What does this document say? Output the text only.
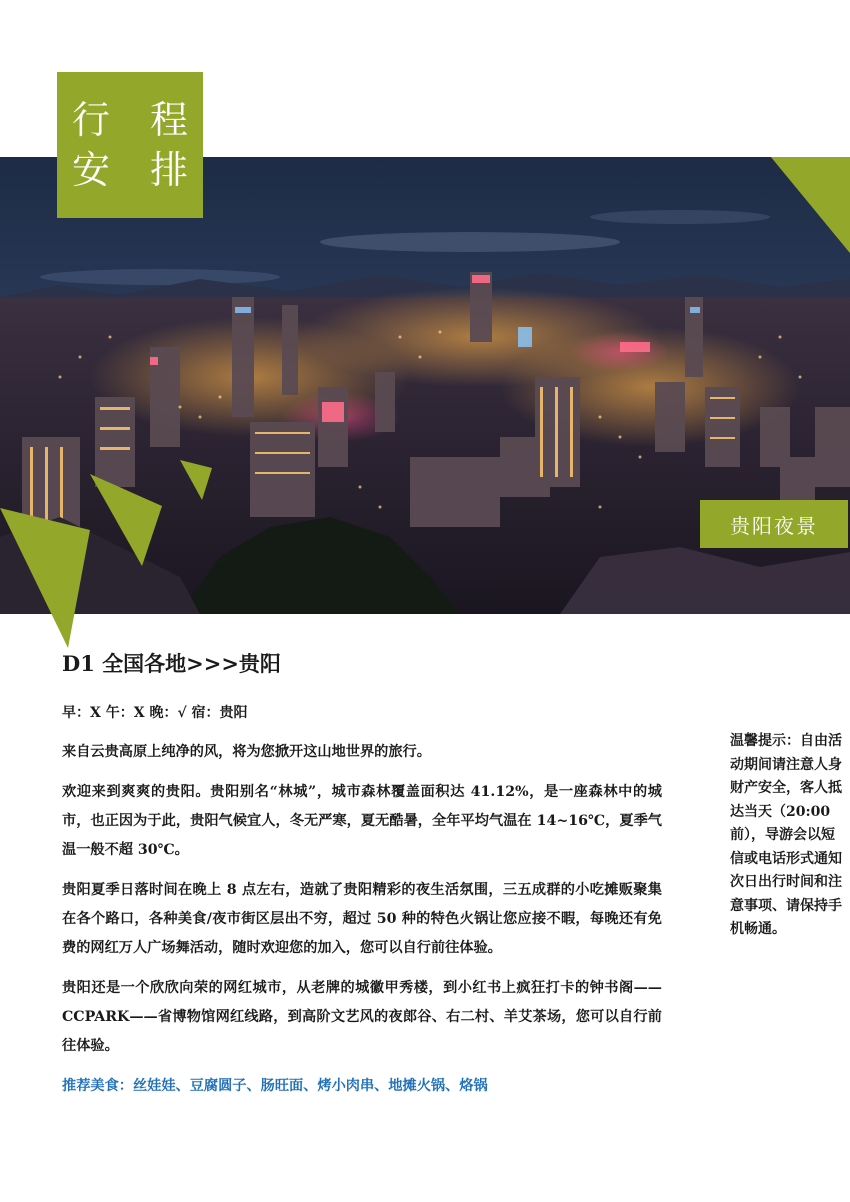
行 程
安 排
贵阳夜景
D1 全国各地>>>贵阳
早：X 午：X 晚：√ 宿：贵阳

来自云贵高原上纯净的风，将为您掀开这山地世界的旅行。

欢迎来到爽爽的贵阳。贵阳别名“林城”，城市森林覆盖面积达 41.12%，是一座森林中的城市，也正因为于此，贵阳气候宜人，冬无严寒，夏无酷暑，全年平均气温在 14~16℃，夏季气温一般不超 30℃。

贵阳夏季日落时间在晚上 8 点左右，造就了贵阳精彩的夜生活氛围，三五成群的小吃摊贩聚集在各个路口，各种美食/夜市街区层出不穷，超过 50 种的特色火锅让您应接不暇，每晚还有免费的网红万人广场舞活动，随时欢迎您的加入，您可以自行前往体验。

贵阳还是一个欣欣向荣的网红城市，从老牌的城徽甲秀楼，到小红书上疯狂打卡的钟书阁——CCPARK——省博物馆网红线路，到高阶文艺风的夜郎谷、右二村、羊艾茶场，您可以自行前往体验。

推荐美食：丝娃娃、豆腐圆子、肠旺面、烤小肉串、地摊火锅、烙锅

温馨提示：自由活动期间请注意人身财产安全，客人抵达当天（20:00 前），导游会以短信或电话形式通知次日出行时间和注意事项、请保持手机畅通。
